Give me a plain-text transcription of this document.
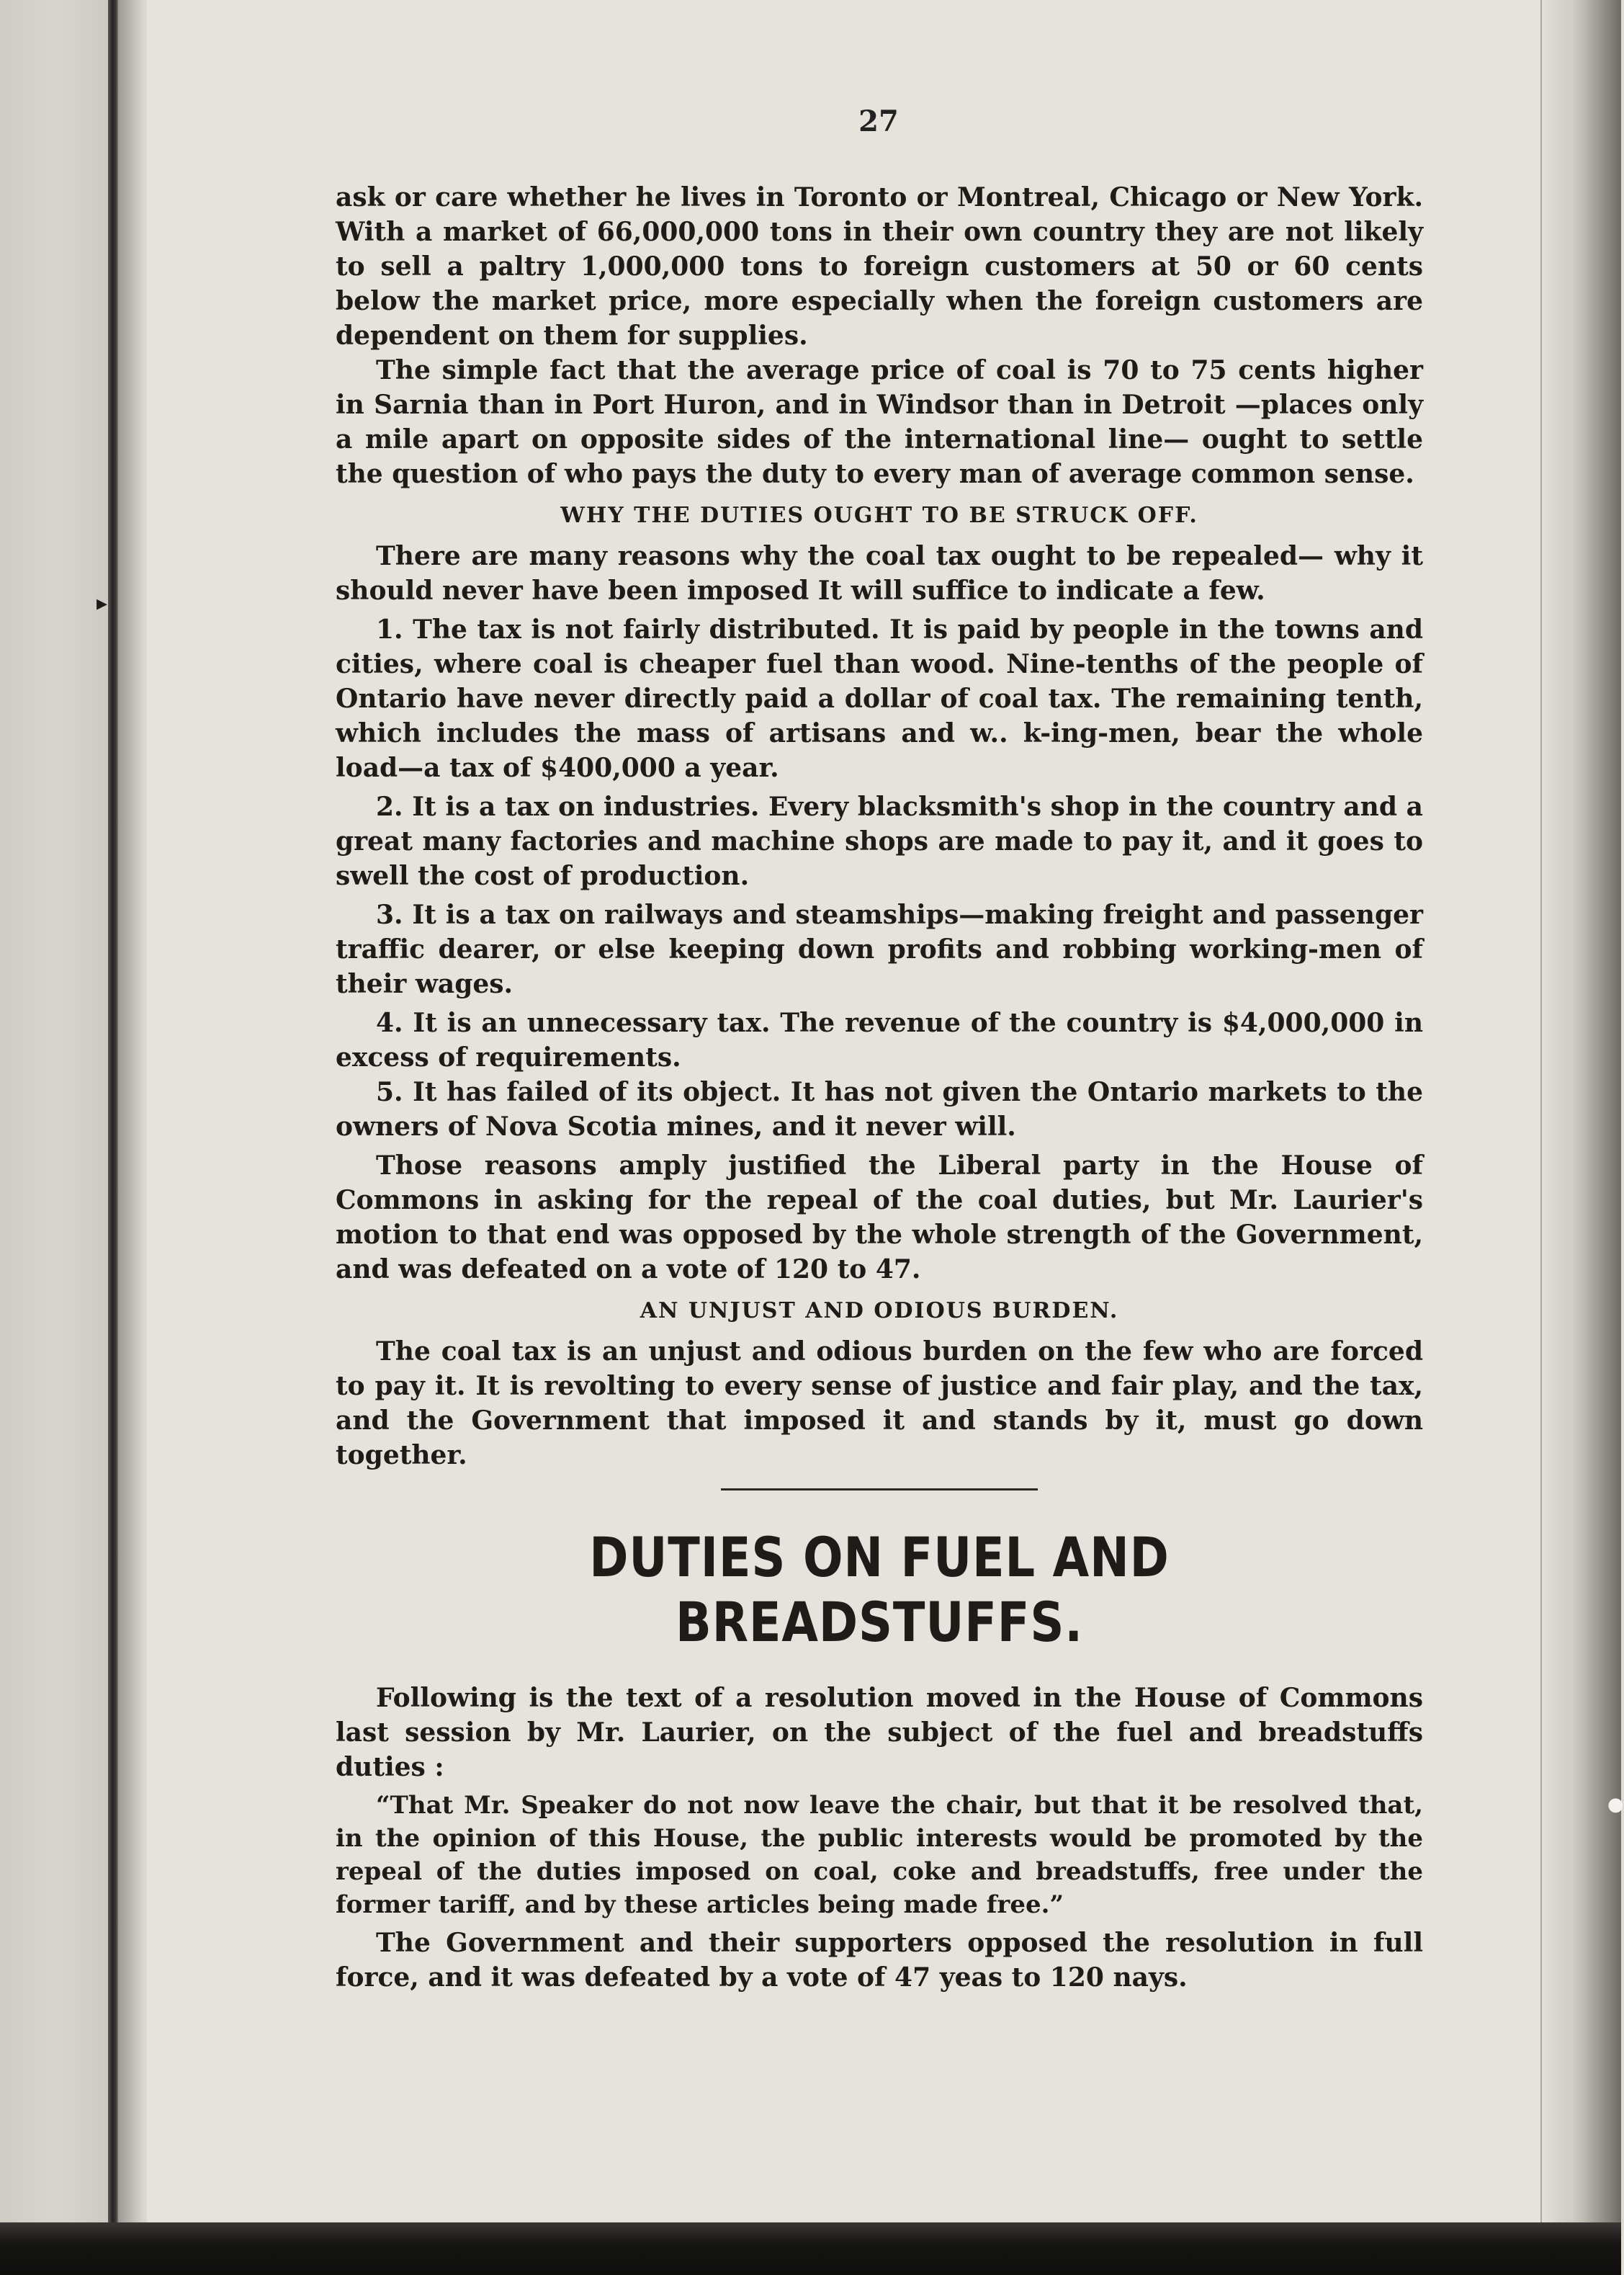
▸
●
27

ask or care whether he lives in Toronto or Montreal, Chicago or New York. With a market of 66,000,000 tons in their own country they are not likely to sell a paltry 1,000,000 tons to foreign customers at 50 or 60 cents below the market price, more especially when the foreign customers are dependent on them for supplies.

The simple fact that the average price of coal is 70 to 75 cents higher in Sarnia than in Port Huron, and in Windsor than in Detroit —places only a mile apart on opposite sides of the international line— ought to settle the question of who pays the duty to every man of average common sense.

WHY THE DUTIES OUGHT TO BE STRUCK OFF.

There are many reasons why the coal tax ought to be repealed— why it should never have been imposed It will suffice to indicate a few.

1. The tax is not fairly distributed. It is paid by people in the towns and cities, where coal is cheaper fuel than wood. Nine-tenths of the people of Ontario have never directly paid a dollar of coal tax. The remaining tenth, which includes the mass of artisans and w.. k-ing-men, bear the whole load—a tax of $400,000 a year.

2. It is a tax on industries. Every blacksmith's shop in the country and a great many factories and machine shops are made to pay it, and it goes to swell the cost of production.

3. It is a tax on railways and steamships—making freight and passenger traffic dearer, or else keeping down profits and robbing working-men of their wages.

4. It is an unnecessary tax. The revenue of the country is $4,000,000 in excess of requirements.

5. It has failed of its object. It has not given the Ontario markets to the owners of Nova Scotia mines, and it never will.

Those reasons amply justified the Liberal party in the House of Commons in asking for the repeal of the coal duties, but Mr. Laurier's motion to that end was opposed by the whole strength of the Government, and was defeated on a vote of 120 to 47.

AN UNJUST AND ODIOUS BURDEN.

The coal tax is an unjust and odious burden on the few who are forced to pay it. It is revolting to every sense of justice and fair play, and the tax, and the Government that imposed it and stands by it, must go down together.

DUTIES ON FUEL AND BREADSTUFFS.

Following is the text of a resolution moved in the House of Commons last session by Mr. Laurier, on the subject of the fuel and breadstuffs duties :

“That Mr. Speaker do not now leave the chair, but that it be resolved that, in the opinion of this House, the public interests would be promoted by the repeal of the duties imposed on coal, coke and breadstuffs, free under the former tariff, and by these articles being made free.”

The Government and their supporters opposed the resolution in full force, and it was defeated by a vote of 47 yeas to 120 nays.
